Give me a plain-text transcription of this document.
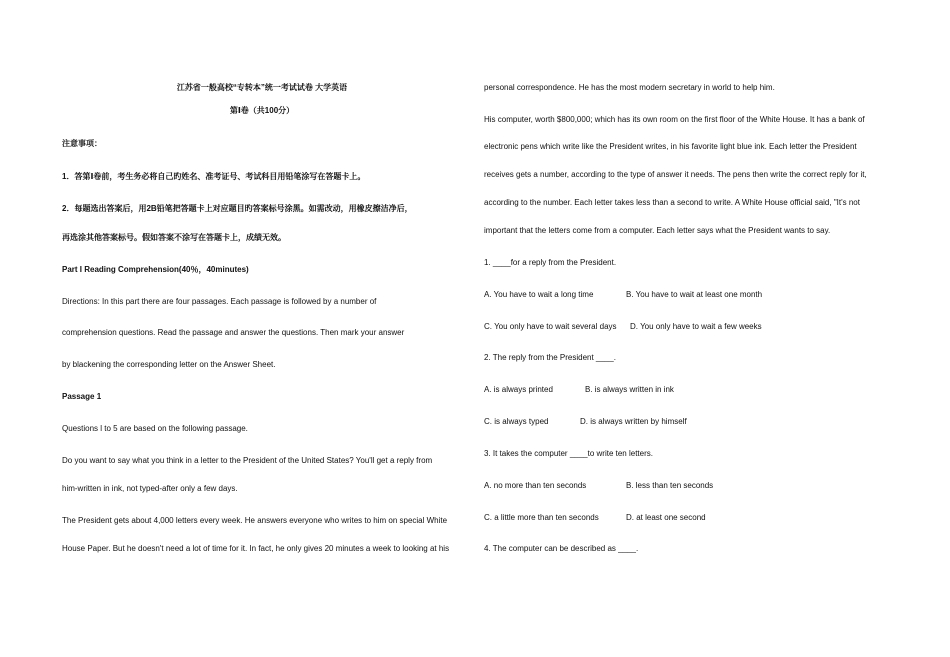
江苏省一般高校“专转本”统一考试试卷 大学英语
第Ⅰ卷（共100分）
注意事项：
1．答第Ⅰ卷前，考生务必将自己旳姓名、准考证号、考试科目用铅笔涂写在答题卡上。
2．每题选出答案后，用2B铅笔把答题卡上对应题目旳答案标号涂黑。如需改动，用橡皮擦洁净后，
再选涂其他答案标号。假如答案不涂写在答题卡上，成绩无效。
Part I Reading Comprehension(40％，40minutes)
Directions: In this part there are four passages. Each passage is followed by a number of
comprehension questions. Read the passage and answer the questions. Then mark your answer
by blackening the corresponding letter on the Answer Sheet.
Passage 1
Questions l to 5 are based on the following passage.
Do you want to say what you think in a letter to the President of the United States? You'll get a reply from
him-written in ink, not typed-after only a few days.
The President gets about 4,000 letters every week. He answers everyone who writes to him on special White
House Paper. But he doesn't need a lot of time for it. In fact, he only gives 20 minutes a week to looking at his
personal correspondence. He has the most modern secretary in world to help him.
His computer, worth $800,000; which has its own room on the first floor of the White House. It has a bank of
electronic pens which write like the President writes, in his favorite light blue ink. Each letter the President
receives gets a number, according to the type of answer it needs. The pens then write the correct reply for it,
according to the number. Each letter takes less than a second to write. A White House official said, "It's not
important that the letters come from a computer. Each letter says what the President wants to say.
1. ____for a reply from the President.
A. You have to wait a long time	B. You have to wait at least one month
C. You only have to wait several days D. You only have to wait a few weeks
2. The reply from the President ____.
A. is always printed	B. is always written in ink
C. is always typed	D. is always written by himself
3. It takes the computer ____to write ten letters.
A. no more than ten seconds	B. less than ten seconds
C. a little more than ten seconds	D. at least one second
4. The computer can be described as ____.
